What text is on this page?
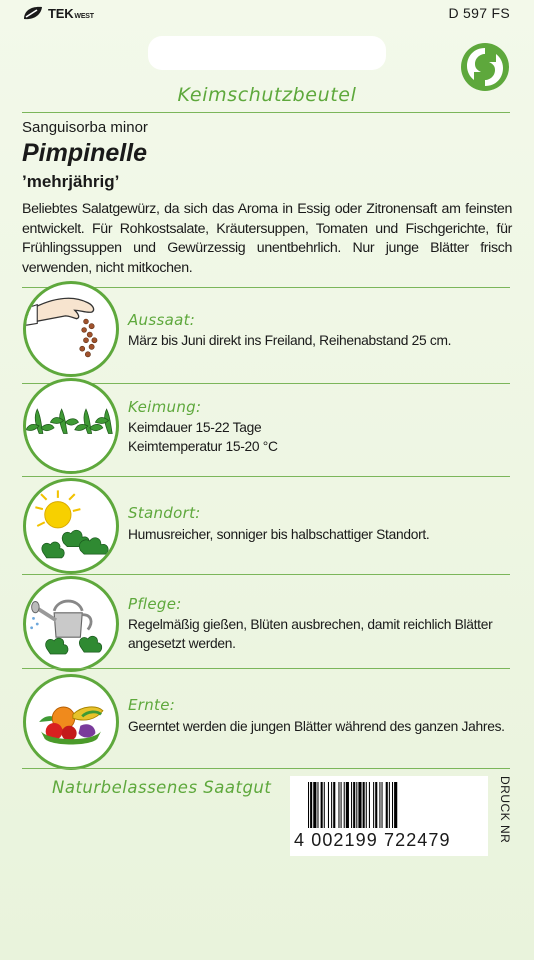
TEKWEST	D 597 FS
Keimschutzbeutel
Sanguisorba minor
Pimpinelle
’mehrjährig’
Beliebtes Salatgewürz, da sich das Aroma in Essig oder Zitronensaft am feinsten entwickelt. Für Rohkostsalate, Kräutersuppen, Tomaten und Fischgerichte, für Frühlingssuppen und Gewürzessig unentbehrlich. Nur junge Blätter frisch verwenden, nicht mitkochen.
Aussaat:
März bis Juni direkt ins Freiland, Reihenabstand 25 cm.
Keimung:
Keimdauer 15-22 Tage
Keimtemperatur 15-20 °C
Standort:
Humusreicher, sonniger bis halbschattiger Standort.
Pflege:
Regelmäßig gießen, Blüten ausbrechen, damit reichlich Blätter
angesetzt werden.
Ernte:
Geerntet werden die jungen Blätter während des ganzen Jahres.
Naturbelassenes Saatgut
4 002199 722479	DRUCK NR
